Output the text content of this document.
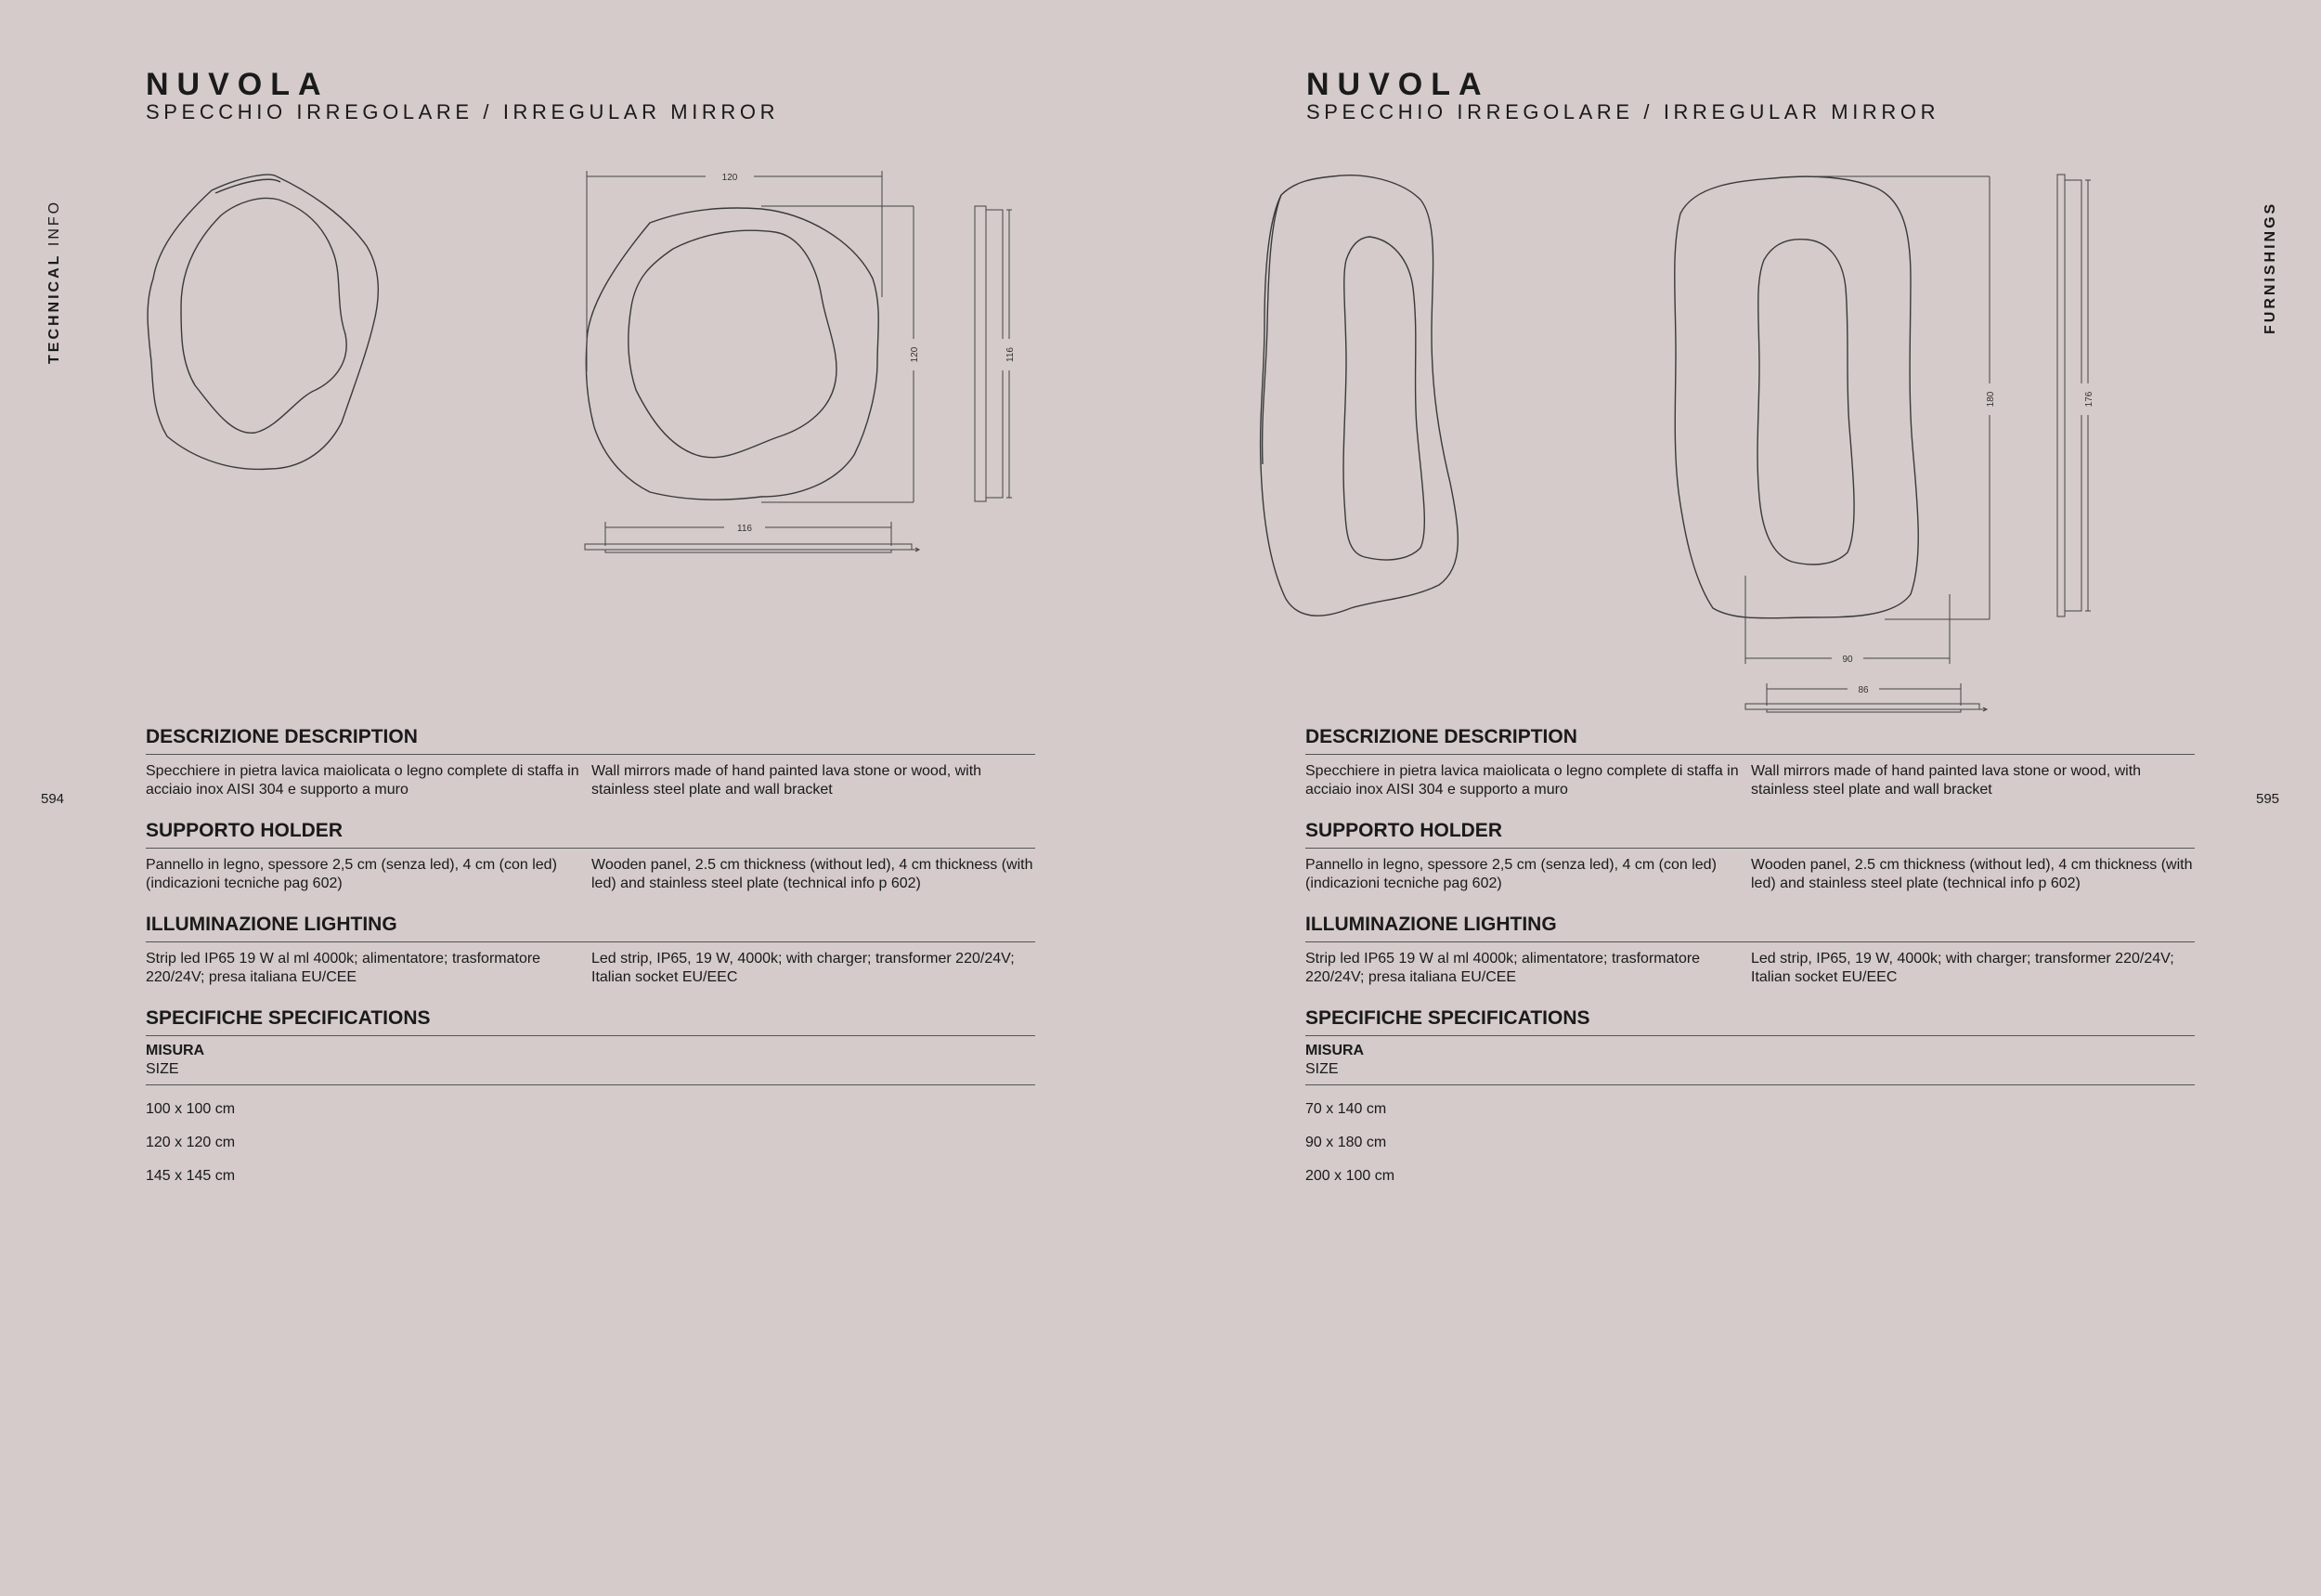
NUVOLA
SPECCHIO IRREGOLARE / IRREGULAR MIRROR
TECHNICAL INFO
594
120
120	116
116
DESCRIZIONE DESCRIPTION
Specchiere in pietra lavica maiolicata o legno complete di staffa in acciaio inox AISI 304 e supporto a muro
Wall mirrors made of hand painted lava stone or wood, with stainless steel plate and wall bracket
SUPPORTO HOLDER
Pannello in legno, spessore 2,5 cm (senza led), 4 cm (con led) (indicazioni tecniche pag 602)
Wooden panel, 2.5 cm thickness (without led), 4 cm thickness (with led) and stainless steel plate (technical info p 602)
ILLUMINAZIONE LIGHTING
Strip led IP65 19 W al ml 4000k; alimentatore; trasformatore 220/24V; presa italiana EU/CEE
Led strip, IP65, 19 W, 4000k; with charger; transformer 220/24V; Italian socket EU/EEC
SPECIFICHE SPECIFICATIONS
MISURA
SIZE
100 x 100 cm
120 x 120 cm
145 x 145 cm
NUVOLA
SPECCHIO IRREGOLARE / IRREGULAR MIRROR
FURNISHINGS
595
180	176
90
86
DESCRIZIONE DESCRIPTION
Specchiere in pietra lavica maiolicata o legno complete di staffa in acciaio inox AISI 304 e supporto a muro
Wall mirrors made of hand painted lava stone or wood, with stainless steel plate and wall bracket
SUPPORTO HOLDER
Pannello in legno, spessore 2,5 cm (senza led), 4 cm (con led) (indicazioni tecniche pag 602)
Wooden panel, 2.5 cm thickness (without led), 4 cm thickness (with led) and stainless steel plate (technical info p 602)
ILLUMINAZIONE LIGHTING
Strip led IP65 19 W al ml 4000k; alimentatore; trasformatore 220/24V; presa italiana EU/CEE
Led strip, IP65, 19 W, 4000k; with charger; transformer 220/24V; Italian socket EU/EEC
SPECIFICHE SPECIFICATIONS
MISURA
SIZE
70 x 140 cm
90 x 180 cm
200 x 100 cm
